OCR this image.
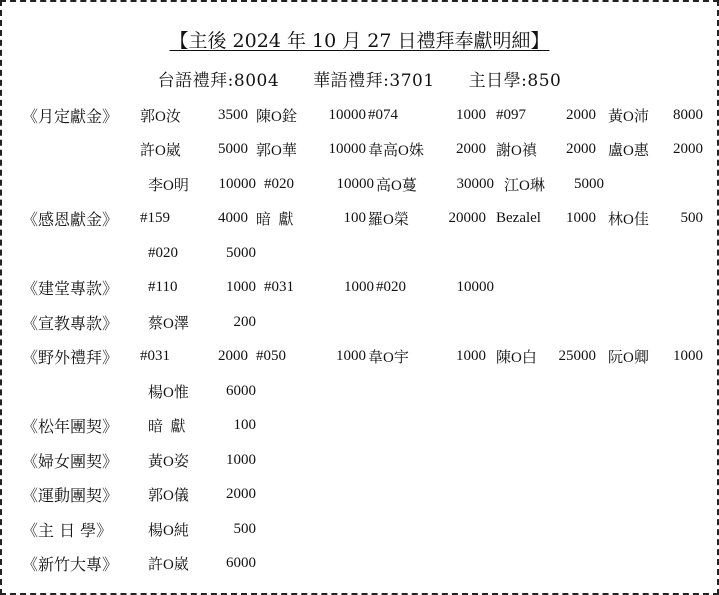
【主後 2024 年 10 月 27 日禮拜奉獻明細】
台語禮拜:8004 華語禮拜:3701 主日學:850
《月定獻金》	郭O汝	3500 陳O銓	10000 #074	1000 #097	2000 黃O沛	8000
許O崴	5000 郭O華	10000 韋高O姝	2000 謝O禛	2000 盧O惠	2000
李O明	10000 #020	10000 高O蔓	30000 江O琳	5000
《感恩獻金》	#159	4000 暗  獻	100 羅O榮	20000 Bezalel	1000 林O佳	500
#020	5000
《建堂專款》	#110	1000 #031	1000 #020	10000
《宣教專款》	蔡O澤	200
《野外禮拜》	#031	2000 #050	1000 韋O宇	1000 陳O白	25000 阮O卿	1000
楊O惟	6000
《松年團契》	暗  獻	100
《婦女團契》	黃O姿	1000
《運動團契》	郭O儀	2000
《主 日 學》	楊O純	500
《新竹大專》	許O崴	6000
